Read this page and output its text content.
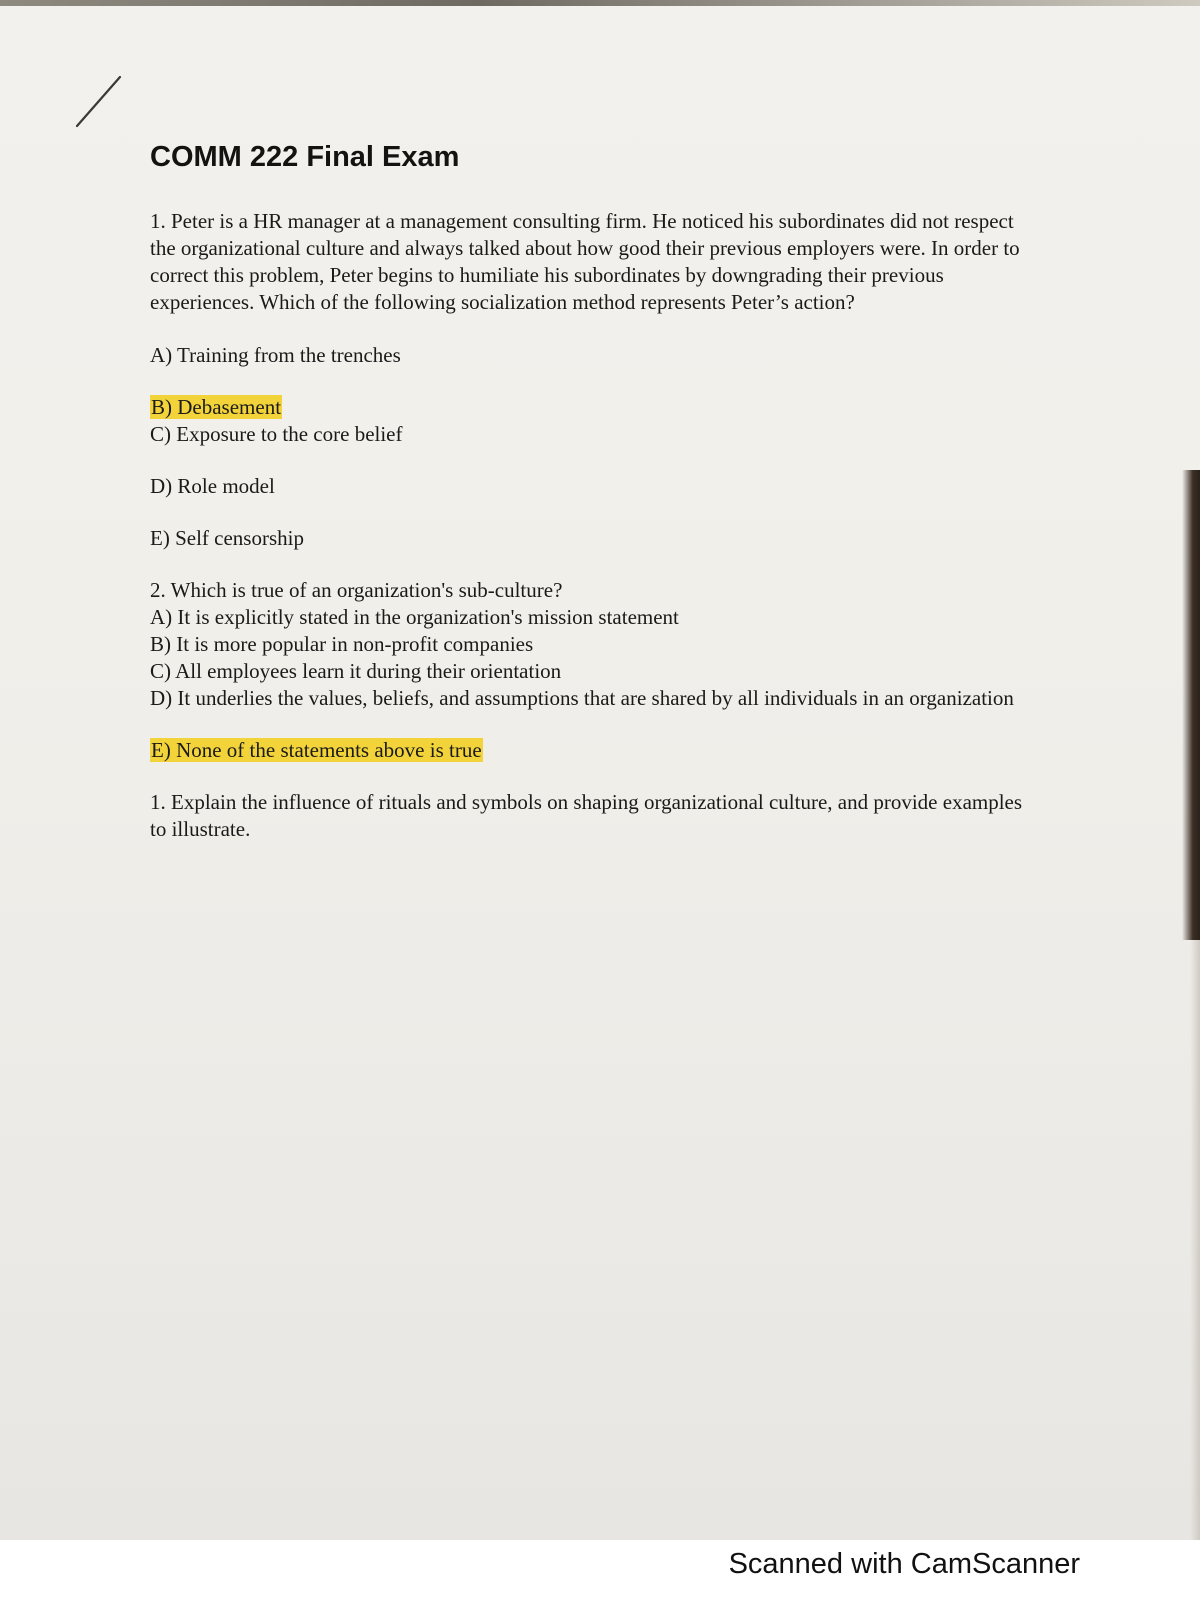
COMM 222 Final Exam

1. Peter is a HR manager at a management consulting firm. He noticed his subordinates did not respect the organizational culture and always talked about how good their previous employers were. In order to correct this problem, Peter begins to humiliate his subordinates by downgrading their previous experiences. Which of the following socialization method represents Peter’s action?

A) Training from the trenches

B) Debasement

C) Exposure to the core belief

D) Role model

E) Self censorship

2. Which is true of an organization's sub-culture?

A) It is explicitly stated in the organization's mission statement

B) It is more popular in non-profit companies

C) All employees learn it during their orientation

D) It underlies the values, beliefs, and assumptions that are shared by all individuals in an organization

E) None of the statements above is true

1. Explain the influence of rituals and symbols on shaping organizational culture, and provide examples to illustrate.

Scanned with CamScanner
